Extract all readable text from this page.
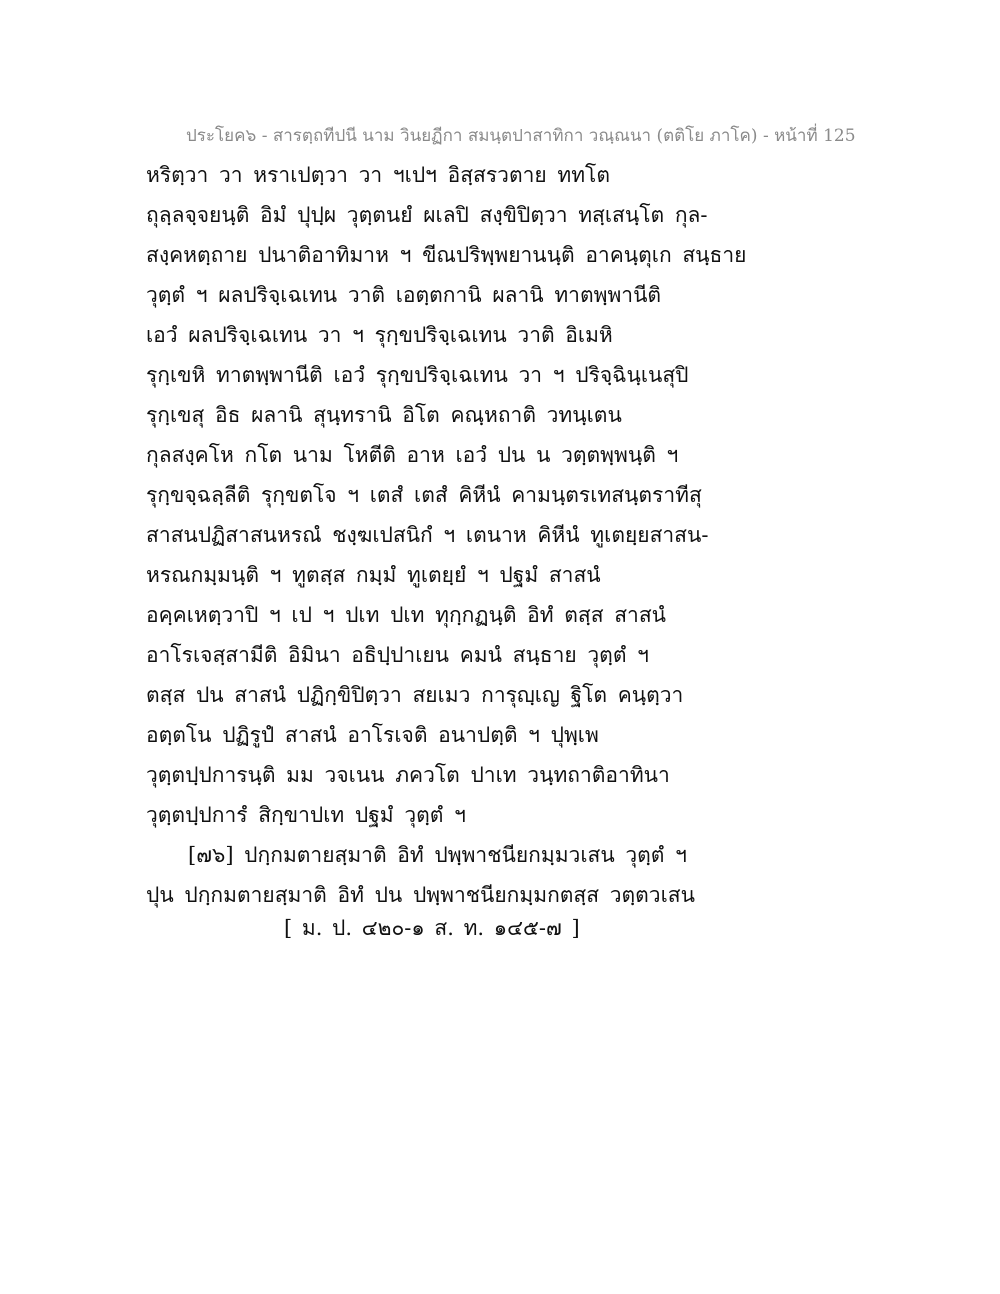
ประโยค๖ - สารตฺถทีปนี นาม วินยฏีกา สมนฺตปาสาทิกา วณฺณนา (ตติโย ภาโค) - หน้าที่ 125
หริตฺวา วา หราเปตฺวา วา ฯเปฯ อิสฺสรวตาย ททโต
ถุลฺลจฺจยนฺติ อิมํ ปุปฺผ วุตฺตนยํ ผเลปิ สงฺขิปิตฺวา ทสฺเสนฺโต กุล-
สงฺคหตฺถาย ปนาติอาทิมาห ฯ ขีณปริพฺพยานนฺติ อาคนฺตุเก สนฺธาย
วุตฺตํ ฯ ผลปริจฺเฉเทน วาติ เอตฺตกานิ ผลานิ ทาตพฺพานีติ
เอวํ ผลปริจฺเฉเทน วา ฯ รุกฺขปริจฺเฉเทน วาติ อิเมหิ
รุกฺเขหิ ทาตพฺพานีติ เอวํ รุกฺขปริจฺเฉเทน วา ฯ ปริจฺฉินฺเนสุปิ
รุกฺเขสุ อิธ ผลานิ สุนฺทรานิ อิโต คณฺหถาติ วทนฺเตน
กุลสงฺคโห กโต นาม โหตีติ อาห เอวํ ปน น วตฺตพฺพนฺติ ฯ
รุกฺขจฺฉลฺลีติ รุกฺขตโจ ฯ เตสํ เตสํ คิหีนํ คามนฺตรเทสนฺตราทีสุ
สาสนปฏิสาสนหรณํ ชงฺฆเปสนิกํ ฯ เตนาห คิหีนํ ทูเตยฺยสาสน-
หรณกมฺมนฺติ ฯ ทูตสฺส กมฺมํ ทูเตยฺยํ ฯ ปฐมํ สาสนํ
อคฺคเหตฺวาปิ ฯ เป ฯ ปเท ปเท ทุกฺกฏนฺติ อิทํ ตสฺส สาสนํ
อาโรเจสฺสามีติ อิมินา อธิปฺปาเยน คมนํ สนฺธาย วุตฺตํ ฯ
ตสฺส ปน สาสนํ ปฏิกฺขิปิตฺวา สยเมว การุญฺเญ ฐิโต คนฺตฺวา
อตฺตโน ปฏิรูปํ สาสนํ อาโรเจติ อนาปตฺติ ฯ ปุพฺเพ
วุตฺตปฺปการนฺติ มม วจเนน ภควโต ปาเท วนฺทถาติอาทินา
วุตฺตปฺปการํ สิกฺขาปเท ปฐมํ วุตฺตํ ฯ
[๗๖] ปกฺกมตายสฺมาติ อิทํ ปพฺพาชนียกมฺมวเสน วุตฺตํ ฯ
ปุน ปกฺกมตายสฺมาติ อิทํ ปน ปพฺพาชนียกมฺมกตสฺส วตฺตวเสน
[ ม. ป. ๔๒๐-๑ ส. ท. ๑๔๕-๗ ]
